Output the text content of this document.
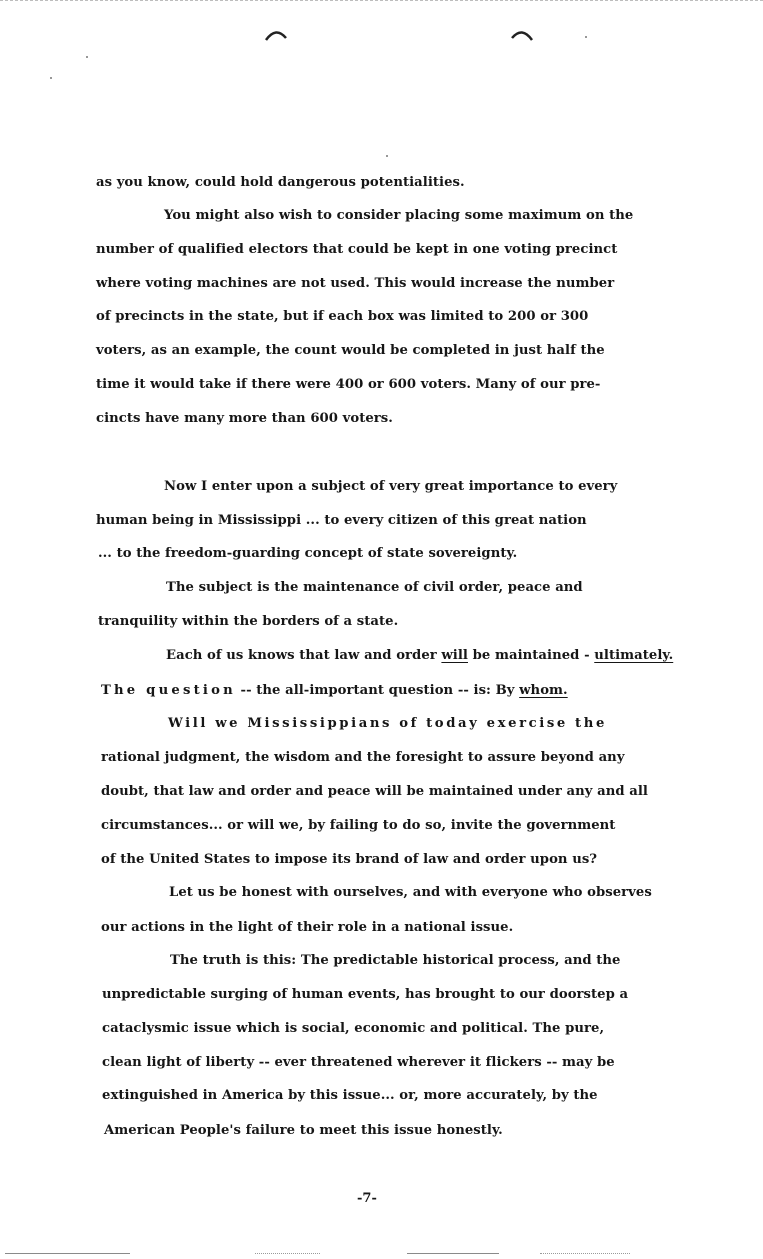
as you know, could hold dangerous potentialities.
You might also wish to consider placing some maximum on the
number of qualified electors that could be kept in one voting precinct
where voting machines are not used. This would increase the number
of precincts in the state, but if each box was limited to 200 or 300
voters, as an example, the count would be completed in just half the
time it would take if there were 400 or 600 voters. Many of our pre-
cincts have many more than 600 voters.
Now I enter upon a subject of very great importance to every
human being in Mississippi ... to every citizen of this great nation
... to the freedom-guarding concept of state sovereignty.
The subject is the maintenance of civil order, peace and
tranquility within the borders of a state.
Each of us knows that law and order will be maintained - ultimately.
The question -- the all-important question -- is: By whom.
Will we Mississippians of today exercise the
rational judgment, the wisdom and the foresight to assure beyond any
doubt, that law and order and peace will be maintained under any and all
circumstances... or will we, by failing to do so, invite the government
of the United States to impose its brand of law and order upon us?
Let us be honest with ourselves, and with everyone who observes
our actions in the light of their role in a national issue.
The truth is this: The predictable historical process, and the
unpredictable surging of human events, has brought to our doorstep a
cataclysmic issue which is social, economic and political. The pure,
clean light of liberty -- ever threatened wherever it flickers -- may be
extinguished in America by this issue... or, more accurately, by the
American People's failure to meet this issue honestly.
-7-
